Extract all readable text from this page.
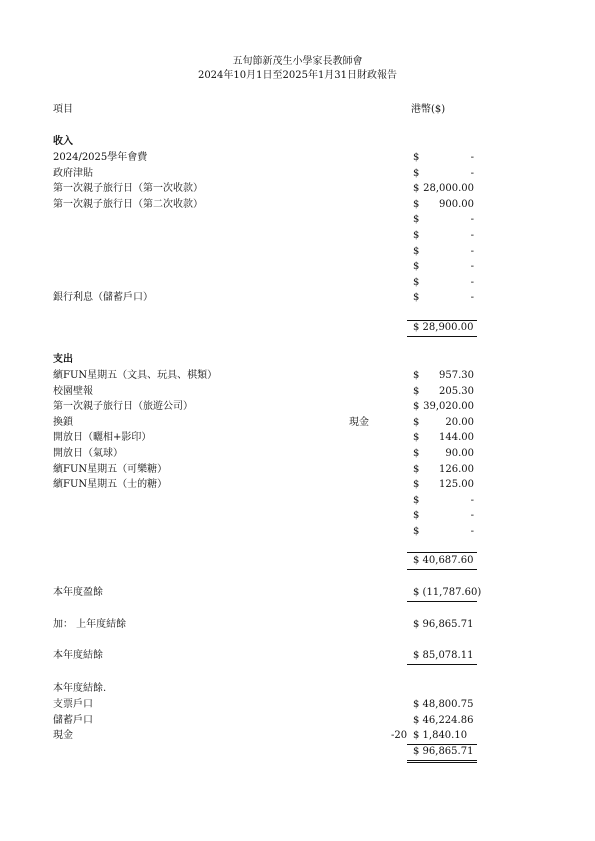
五旬節新茂生小學家長教師會
2024年10月1日至2025年1月31日財政報告
項目	港幣($)
收入
2024/2025學年會費	$	-
政府津貼	$	-
第一次親子旅行日（第一次收款）	$ 28,000.00
第一次親子旅行日（第二次收款）	$	900.00
$	-
$	-
$	-
$	-
$	-
銀行利息（儲蓄戶口）	$	-
$ 28,900.00
支出
繽FUN星期五（文具、玩具、棋類）	$	957.30
校園壁報	$	205.30
第一次親子旅行日（旅遊公司）	$ 39,020.00
換鎖	現金	$	20.00
開放日（曬相+影印）	$	144.00
開放日（氣球）	$	90.00
繽FUN星期五（可樂糖）	$	126.00
繽FUN星期五（士的糖）	$	125.00
$	-
$	-
$	-
$ 40,687.60
本年度盈餘	$ (11,787.60)
加： 上年度結餘	$ 96,865.71
本年度結餘	$ 85,078.11
本年度結餘.
支票戶口	$ 48,800.75
儲蓄戶口	$ 46,224.86
現金	-20 $ 1,840.10
$ 96,865.71
